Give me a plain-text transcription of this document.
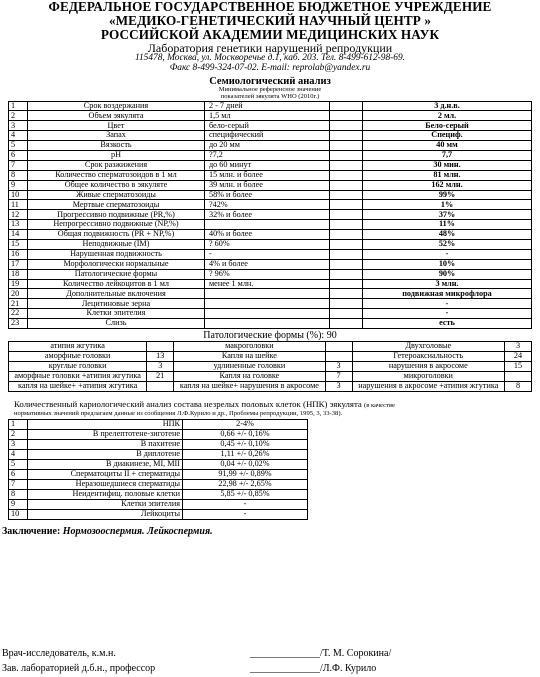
ФЕДЕРАЛЬНОЕ ГОСУДАРСТВЕННОЕ БЮДЖЕТНОЕ УЧРЕЖДЕНИЕ
«МЕДИКО-ГЕНЕТИЧЕСКИЙ НАУЧНЫЙ ЦЕНТР »
РОССИЙСКОЙ АКАДЕМИИ МЕДИЦИНСКИХ НАУК
Лаборатория генетики нарушений репродукции
115478, Москва, ул. Москворечье д.1, каб. 203. Тел. 8-499-612-98-69.
Факс 8-499-324-07-02. E-mail: reprolab@yandex.ru
Семиологический анализ
Минимальное референсное значение
показателей эякулята WHO (2010г.)
1	Срок воздержания	2 - 7 дней		3 д.н.в.
2	Объем эякулята	1,5 мл		2 мл.
3	Цвет	бело-серый		Бело-серый
4	Запах	специфический		Специф.
5	Вязкость	до 20 мм		40 мм
6	pH	?7,2		7,7
7	Срок разжижения	до 60 минут		30 мин.
8	Количество сперматозоидов в 1 мл	15 млн. и более		81 млн.
9	Общее количество в эякуляте	39 млн. и более		162 млн.
10	Живые сперматозоиды	58% и более		99%
11	Мертвые сперматозоиды	?42%		1%
12	Прогрессивно подвижные (PR,%)	32% и более		37%
13	Непрогрессивно подвижные (NP,%)			11%
14	Общая подвижность (PR + NP,%)	40% и более		48%
15	Неподвижные (IM)	? 60%		52%
16	Нарушенная подвижность	-		-
17	Морфологически нормальные	4% и более		10%
18	Патологические формы	? 96%		90%
19	Количество лейкоцитов в 1 мл	менее 1 млн.		3 млн.
20	Дополнительные включения			подвижная микрофлора
21	Лецитиновые зерна			-
22	Клетки эпителия			-
23	Слизь			есть
Патологические формы (%): 90
атипия жгутика		макроголовки		Двухголовые	3
аморфные головки	13	Капля на шейке		Гетероаксиальность	24
круглые головки	3	удлиненные головки	3	нарушения в акросоме	15
аморфные головки +атипия жгутика	21	Капля на головке	7	микроголовки	
капля на шейке+ +атипия жгутика		капля на шейке+ нарушения в акросоме	3	нарушения в акросоме +атипия жгутика	8
Количественный кариологический анализ состава незрелых половых клеток (НПК) эякулята (в качестве
нормативных значений предлагаем данные из сообщения Л.Ф.Курило и др., Проблемы репродукции, 1995, 3, 33-38).
1	НПК	2-4%
2	В прелептотене-зиготене	0,66 +/- 0,16%
3	В пахитене	0,45 +/- 0,10%
4	В диплотене	1,11 +/- 0,26%
5	В диакинезе, МI, МII	0,04 +/- 0,02%
6	Сперматоциты II + сперматиды	91,99 +/- 0,89%
7	Неразошедшиеся сперматиды	22,98 +/- 2,65%
8	Неидентифиц. половые клетки	5,85 +/- 0,85%
9	Клетки эпителия	-
10	Лейкоциты	-
Заключение: Нормозооспермия. Лейкоспермия.
Врач-исследователь, к.м.н.	______________/Т. М. Сорокина/
Зав. лабораторией д.б.н., профессор	______________/Л.Ф. Курило
